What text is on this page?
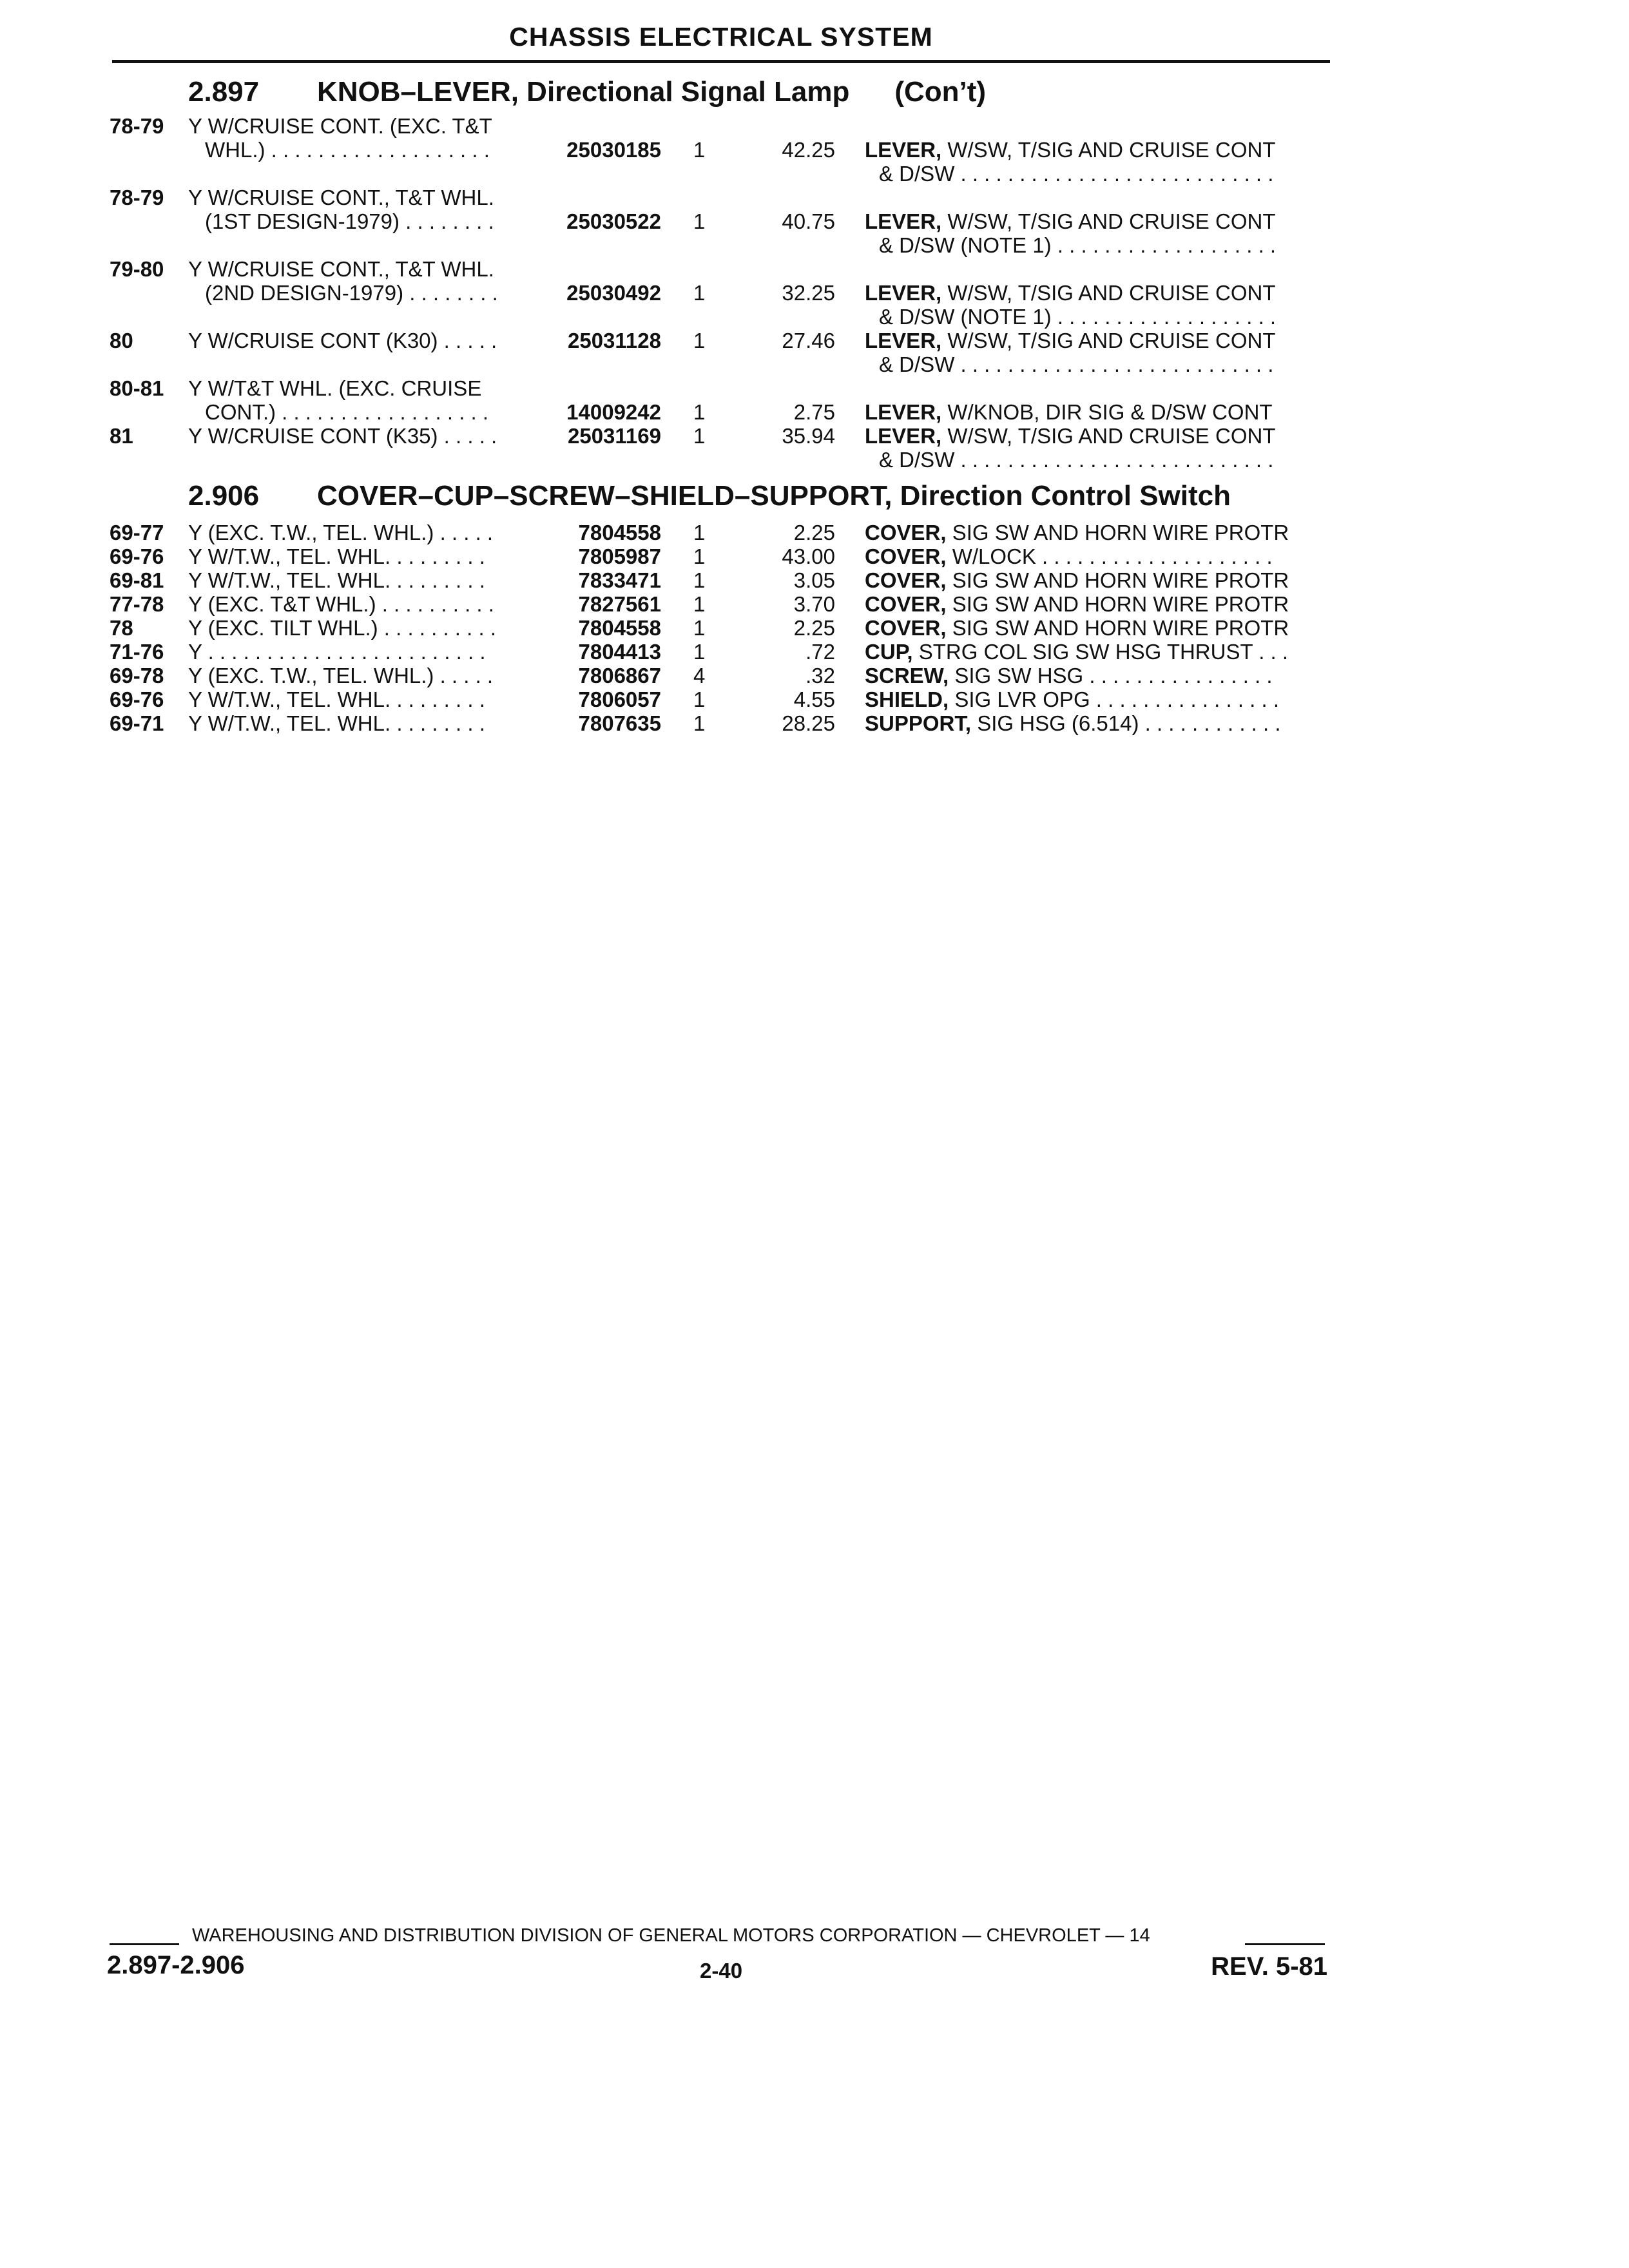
CHASSIS ELECTRICAL SYSTEM
2.897 KNOB–LEVER, Directional Signal Lamp (Con’t)
78-79 Y W/CRUISE CONT. (EXC. T&T
WHL.) . . . . . . . . . . . . . . . . . . .	25030185 1	42.25 LEVER, W/SW, T/SIG AND CRUISE CONT
& D/SW . . . . . . . . . . . . . . . . . . . . . . . . . . .
78-79 Y W/CRUISE CONT., T&T WHL.
(1ST DESIGN-1979) . . . . . . . .	25030522 1	40.75 LEVER, W/SW, T/SIG AND CRUISE CONT
& D/SW (NOTE 1) . . . . . . . . . . . . . . . . . . .
79-80 Y W/CRUISE CONT., T&T WHL.
(2ND DESIGN-1979) . . . . . . . .	25030492 1	32.25 LEVER, W/SW, T/SIG AND CRUISE CONT
& D/SW (NOTE 1) . . . . . . . . . . . . . . . . . . .
80	Y W/CRUISE CONT (K30) . . . . .	25031128 1	27.46 LEVER, W/SW, T/SIG AND CRUISE CONT
& D/SW . . . . . . . . . . . . . . . . . . . . . . . . . . .
80-81 Y W/T&T WHL. (EXC. CRUISE
CONT.) . . . . . . . . . . . . . . . . . .	14009242 1	2.75 LEVER, W/KNOB, DIR SIG & D/SW CONT
81	Y W/CRUISE CONT (K35) . . . . .	25031169 1	35.94 LEVER, W/SW, T/SIG AND CRUISE CONT
& D/SW . . . . . . . . . . . . . . . . . . . . . . . . . . .
2.906 COVER–CUP–SCREW–SHIELD–SUPPORT, Direction Control Switch
69-77 Y (EXC. T.W., TEL. WHL.) . . . . .	7804558 1	2.25 COVER, SIG SW AND HORN WIRE PROTR
69-76 Y W/T.W., TEL. WHL. . . . . . . . .	7805987 1	43.00 COVER, W/LOCK . . . . . . . . . . . . . . . . . . . .
69-81 Y W/T.W., TEL. WHL. . . . . . . . .	7833471 1	3.05 COVER, SIG SW AND HORN WIRE PROTR
77-78 Y (EXC. T&T WHL.) . . . . . . . . . .	7827561 1	3.70 COVER, SIG SW AND HORN WIRE PROTR
78	Y (EXC. TILT WHL.) . . . . . . . . . .	7804558 1	2.25 COVER, SIG SW AND HORN WIRE PROTR
71-76 Y . . . . . . . . . . . . . . . . . . . . . . . .	7804413 1	.72 CUP, STRG COL SIG SW HSG THRUST . . .
69-78 Y (EXC. T.W., TEL. WHL.) . . . . .	7806867 4	.32 SCREW, SIG SW HSG . . . . . . . . . . . . . . . .
69-76 Y W/T.W., TEL. WHL. . . . . . . . .	7806057 1	4.55 SHIELD, SIG LVR OPG . . . . . . . . . . . . . . . .
69-71 Y W/T.W., TEL. WHL. . . . . . . . .	7807635 1	28.25 SUPPORT, SIG HSG (6.514) . . . . . . . . . . . .
WAREHOUSING AND DISTRIBUTION DIVISION OF GENERAL MOTORS CORPORATION — CHEVROLET — 14
2.897-2.906	2-40	REV. 5-81
